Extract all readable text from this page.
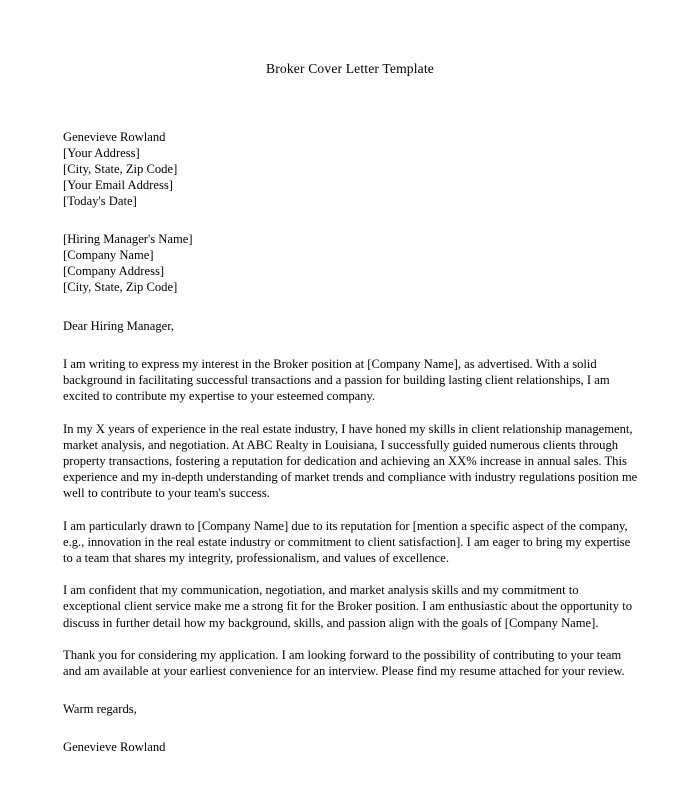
Broker Cover Letter Template
Genevieve Rowland
[Your Address]
[City, State, Zip Code]
[Your Email Address]
[Today's Date]
[Hiring Manager's Name]
[Company Name]
[Company Address]
[City, State, Zip Code]
Dear Hiring Manager,

I am writing to express my interest in the Broker position at [Company Name], as advertised. With a solid background in facilitating successful transactions and a passion for building lasting client relationships, I am excited to contribute my expertise to your esteemed company.

In my X years of experience in the real estate industry, I have honed my skills in client relationship management, market analysis, and negotiation. At ABC Realty in Louisiana, I successfully guided numerous clients through property transactions, fostering a reputation for dedication and achieving an XX% increase in annual sales. This experience and my in-depth understanding of market trends and compliance with industry regulations position me well to contribute to your team's success.

I am particularly drawn to [Company Name] due to its reputation for [mention a specific aspect of the company, e.g., innovation in the real estate industry or commitment to client satisfaction]. I am eager to bring my expertise to a team that shares my integrity, professionalism, and values of excellence.

I am confident that my communication, negotiation, and market analysis skills and my commitment to exceptional client service make me a strong fit for the Broker position. I am enthusiastic about the opportunity to discuss in further detail how my background, skills, and passion align with the goals of [Company Name].

Thank you for considering my application. I am looking forward to the possibility of contributing to your team and am available at your earliest convenience for an interview. Please find my resume attached for your review.

Warm regards,
Genevieve Rowland
